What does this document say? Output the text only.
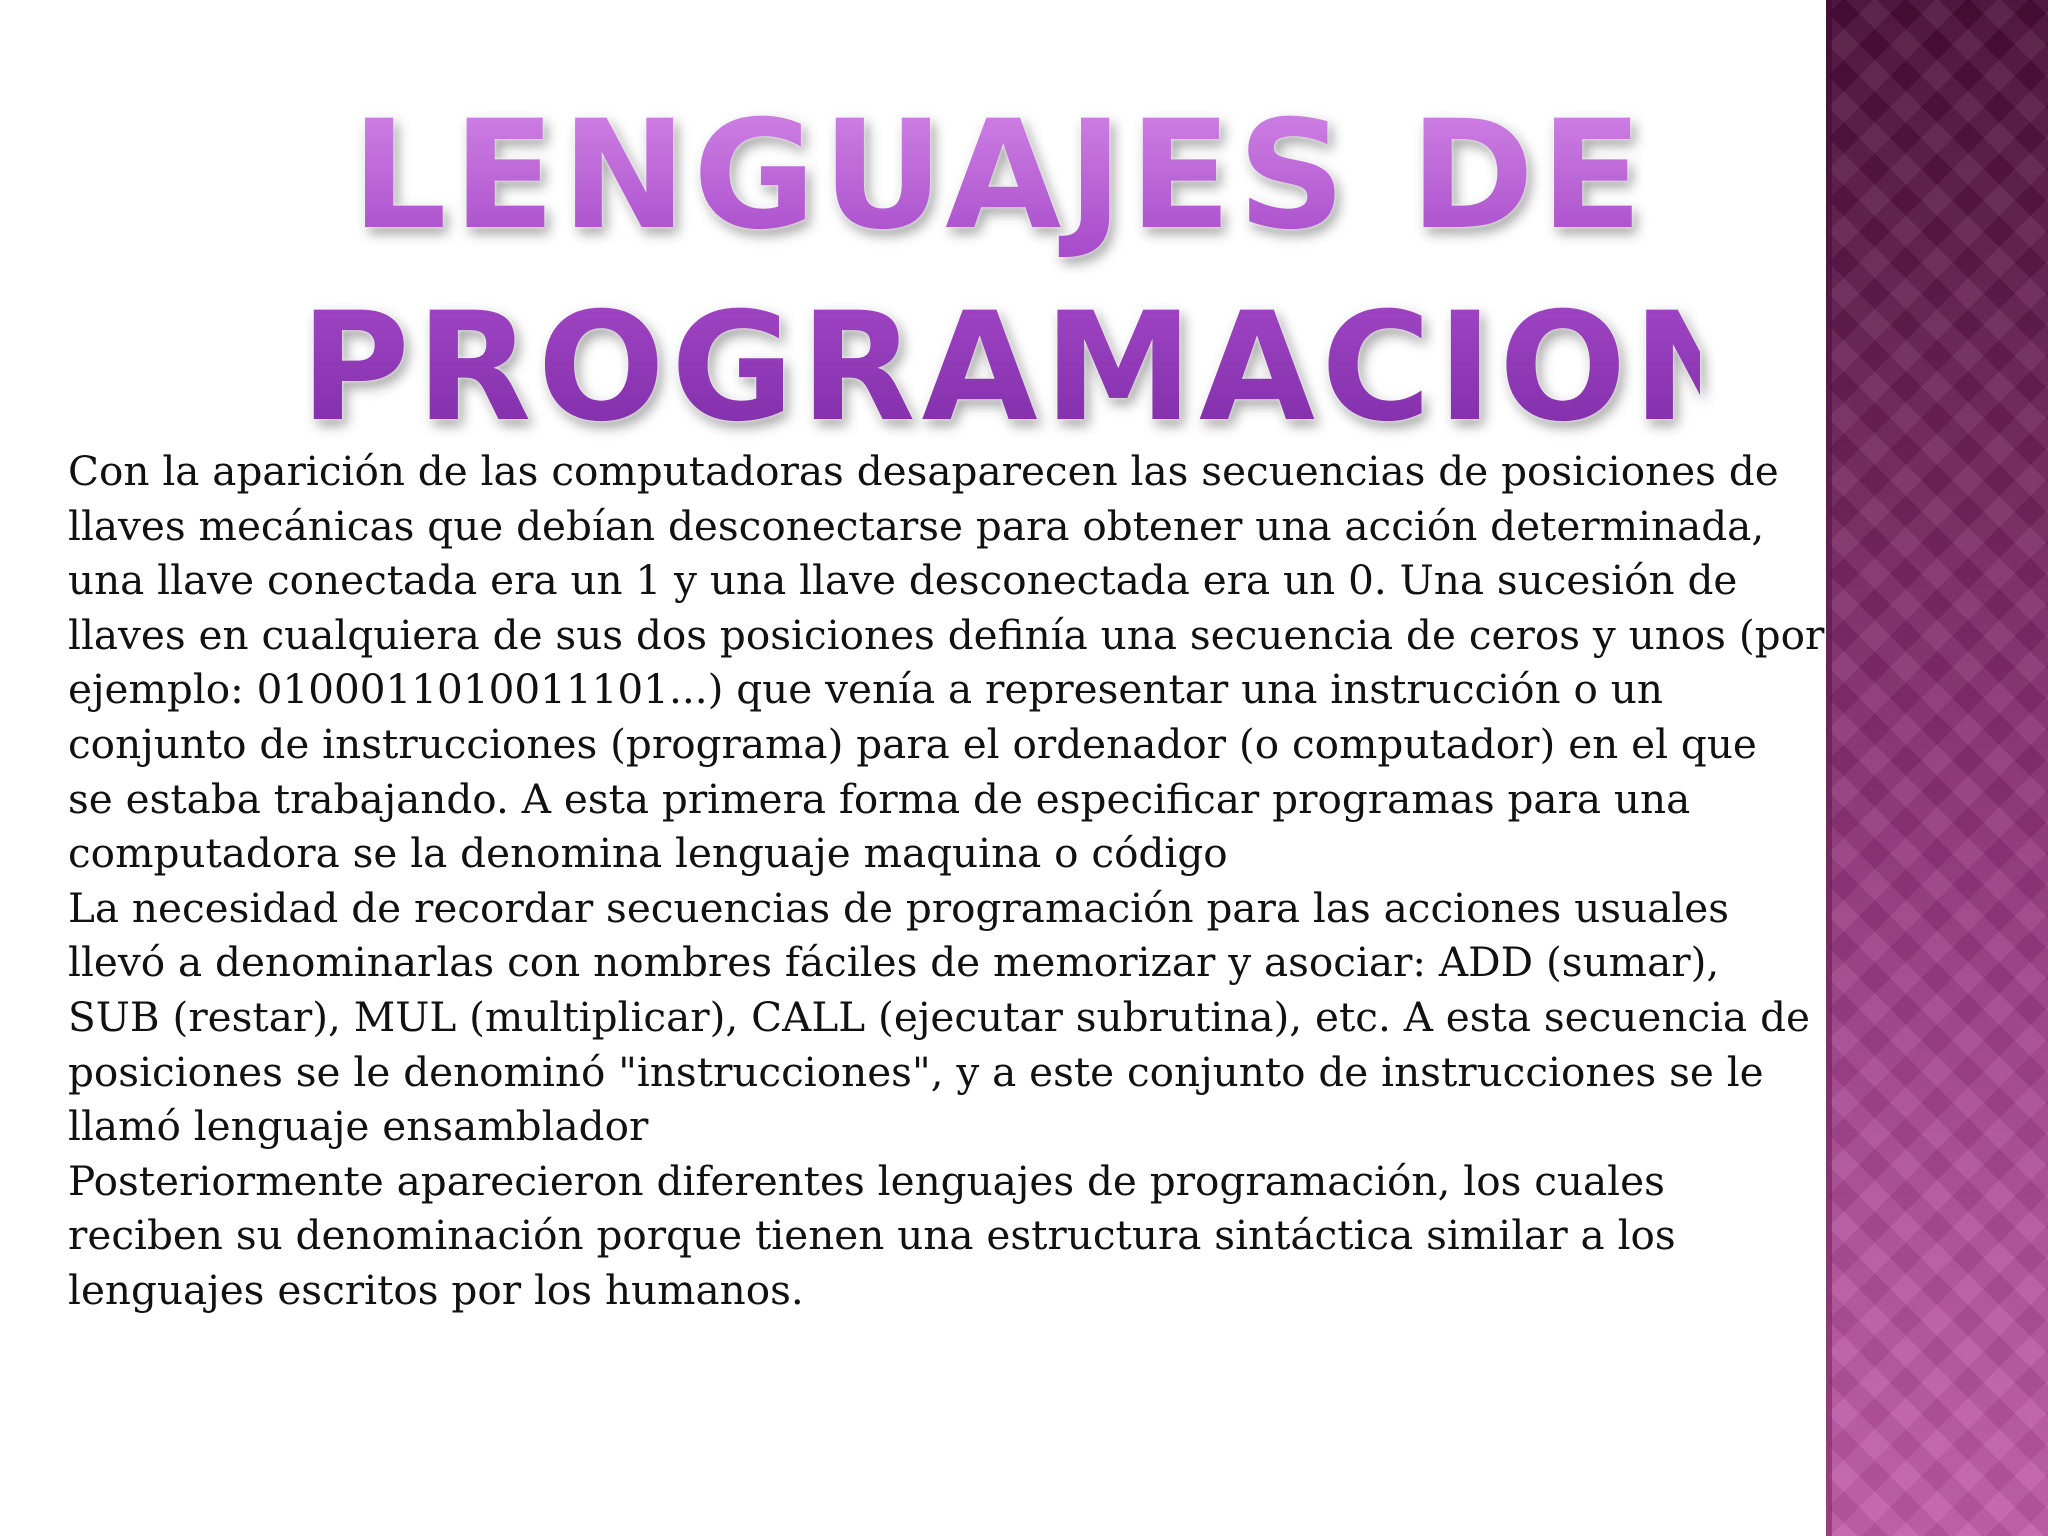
LENGUAJES DE
PROGRAMACION
Con la aparición de las computadoras desaparecen las secuencias de posiciones de
llaves mecánicas que debían desconectarse para obtener una acción determinada,
una llave conectada era un 1 y una llave desconectada era un 0. Una sucesión de
llaves en cualquiera de sus dos posiciones definía una secuencia de ceros y unos (por
ejemplo: 0100011010011101...) que venía a representar una instrucción o un
conjunto de instrucciones (programa) para el ordenador (o computador) en el que
se estaba trabajando. A esta primera forma de especificar programas para una
computadora se la denomina lenguaje maquina o código
La necesidad de recordar secuencias de programación para las acciones usuales
llevó a denominarlas con nombres fáciles de memorizar y asociar: ADD (sumar),
SUB (restar), MUL (multiplicar), CALL (ejecutar subrutina), etc. A esta secuencia de
posiciones se le denominó "instrucciones", y a este conjunto de instrucciones se le
llamó lenguaje ensamblador
Posteriormente aparecieron diferentes lenguajes de programación, los cuales
reciben su denominación porque tienen una estructura sintáctica similar a los
lenguajes escritos por los humanos.
